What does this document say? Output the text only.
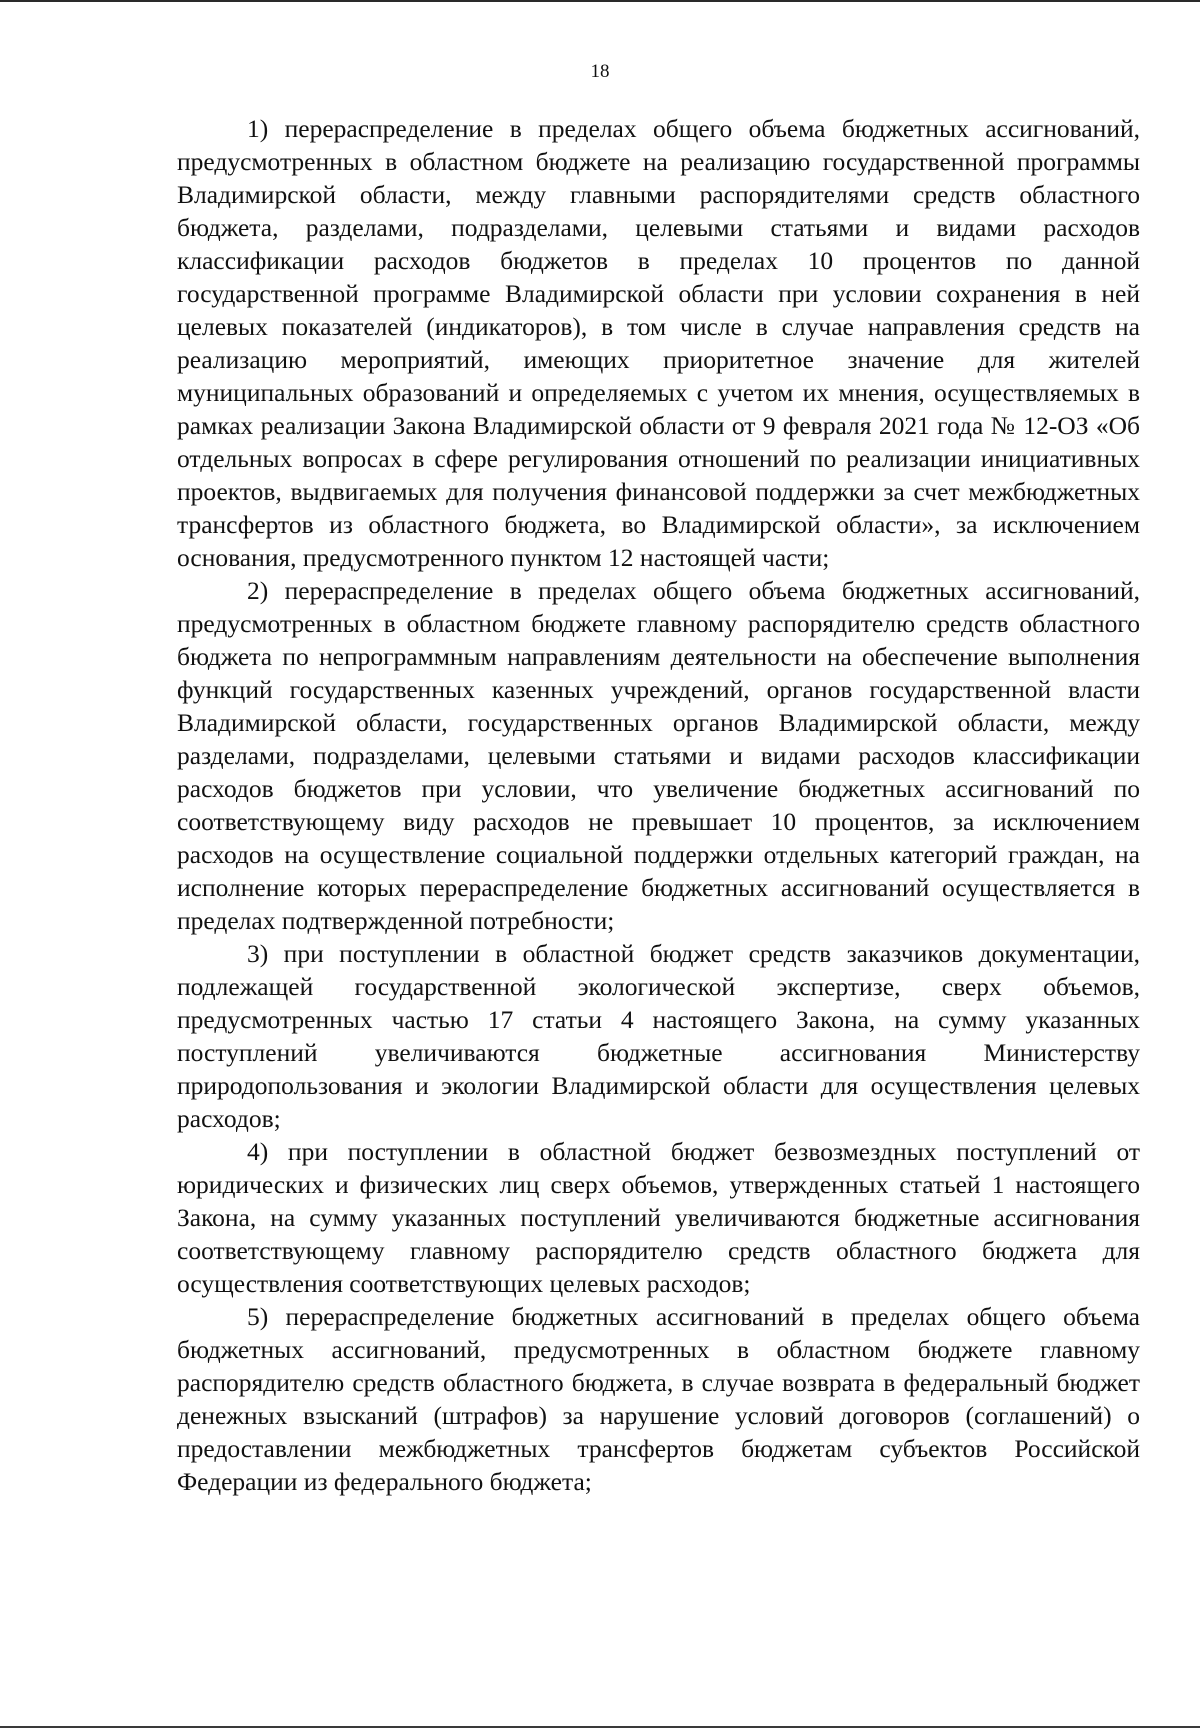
18

1) перераспределение в пределах общего объема бюджетных ассигнований, предусмотренных в областном бюджете на реализацию государственной программы Владимирской области, между главными распорядителями средств областного бюджета, разделами, подразделами, целевыми статьями и видами расходов классификации расходов бюджетов в пределах 10 процентов по данной государственной программе Владимирской области при условии сохранения в ней целевых показателей (индикаторов), в том числе в случае направления средств на реализацию мероприятий, имеющих приоритетное значение для жителей муниципальных образований и определяемых с учетом их мнения, осуществляемых в рамках реализации Закона Владимирской области от 9 февраля 2021 года № 12-ОЗ «Об отдельных вопросах в сфере регулирования отношений по реализации инициативных проектов, выдвигаемых для получения финансовой поддержки за счет межбюджетных трансфертов из областного бюджета, во Владимирской области», за исключением основания, предусмотренного пунктом 12 настоящей части;

2) перераспределение в пределах общего объема бюджетных ассигнований, предусмотренных в областном бюджете главному распорядителю средств областного бюджета по непрограммным направлениям деятельности на обеспечение выполнения функций государственных казенных учреждений, органов государственной власти Владимирской области, государственных органов Владимирской области, между разделами, подразделами, целевыми статьями и видами расходов классификации расходов бюджетов при условии, что увеличение бюджетных ассигнований по соответствующему виду расходов не превышает 10 процентов, за исключением расходов на осуществление социальной поддержки отдельных категорий граждан, на исполнение которых перераспределение бюджетных ассигнований осуществляется в пределах подтвержденной потребности;

3) при поступлении в областной бюджет средств заказчиков документации, подлежащей государственной экологической экспертизе, сверх объемов, предусмотренных частью 17 статьи 4 настоящего Закона, на сумму указанных поступлений увеличиваются бюджетные ассигнования Министерству природопользования и экологии Владимирской области для осуществления целевых расходов;

4) при поступлении в областной бюджет безвозмездных поступлений от юридических и физических лиц сверх объемов, утвержденных статьей 1 настоящего Закона, на сумму указанных поступлений увеличиваются бюджетные ассигнования соответствующему главному распорядителю средств областного бюджета для осуществления соответствующих целевых расходов;

5) перераспределение бюджетных ассигнований в пределах общего объема бюджетных ассигнований, предусмотренных в областном бюджете главному распорядителю средств областного бюджета, в случае возврата в федеральный бюджет денежных взысканий (штрафов) за нарушение условий договоров (соглашений) о предоставлении межбюджетных трансфертов бюджетам субъектов Российской Федерации из федерального бюджета;
